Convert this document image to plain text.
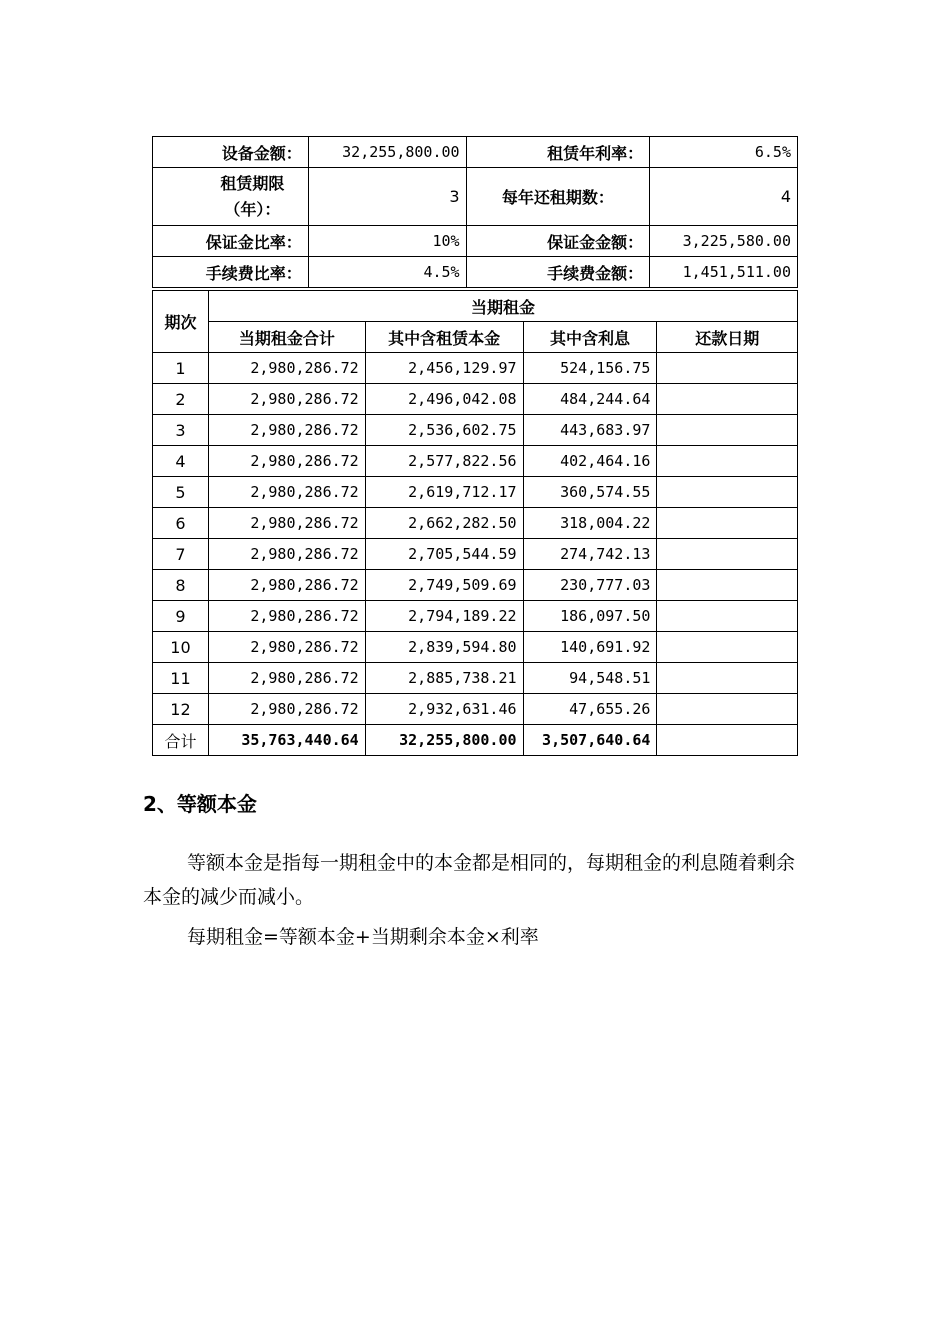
设备金额：	32,255,800.00	租赁年利率：	6.5%

租赁期限
（年）：	3	每年还租期数：	4
保证金比率：	10%	保证金金额：	3,225,580.00
手续费比率：	4.5%	手续费金额：	1,451,511.00
期次	当期租金			
	当期租金合计	其中含租赁本金	其中含利息	还款日期
1	2,980,286.72	2,456,129.97	524,156.75	
2	2,980,286.72	2,496,042.08	484,244.64	
3	2,980,286.72	2,536,602.75	443,683.97	
4	2,980,286.72	2,577,822.56	402,464.16	
5	2,980,286.72	2,619,712.17	360,574.55	
6	2,980,286.72	2,662,282.50	318,004.22	
7	2,980,286.72	2,705,544.59	274,742.13	
8	2,980,286.72	2,749,509.69	230,777.03	
9	2,980,286.72	2,794,189.22	186,097.50	
10	2,980,286.72	2,839,594.80	140,691.92	
11	2,980,286.72	2,885,738.21	94,548.51	
12	2,980,286.72	2,932,631.46	47,655.26	
合计	35,763,440.64	32,255,800.00	3,507,640.64	
2、等额本金
等额本金是指每一期租金中的本金都是相同的，每期租金的利息随着剩余本金的减少而减小。
每期租金=等额本金+当期剩余本金×利率
